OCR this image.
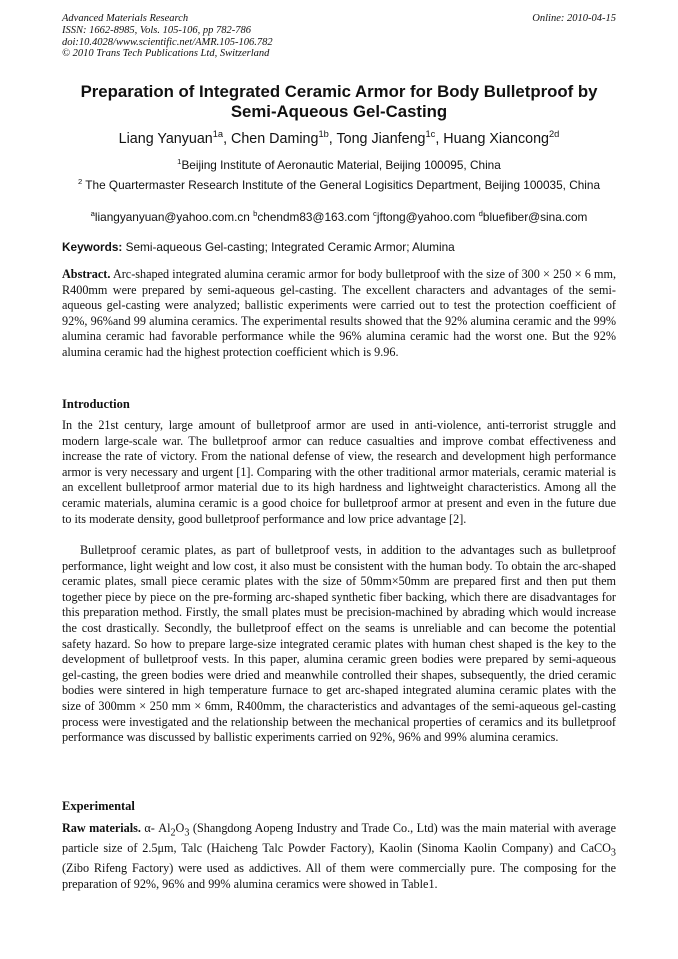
Advanced Materials Research
ISSN: 1662-8985, Vols. 105-106, pp 782-786
doi:10.4028/www.scientific.net/AMR.105-106.782
© 2010 Trans Tech Publications Ltd, Switzerland
Online: 2010-04-15
Preparation of Integrated Ceramic Armor for Body Bulletproof by Semi-Aqueous Gel-Casting
Liang Yanyuan$^{1a}$, Chen Daming$^{1b}$, Tong Jianfeng$^{1c}$, Huang Xiancong$^{2d}$
$^1$Beijing Institute of Aeronautic Material, Beijing 100095, China
$^2$ The Quartermaster Research Institute of the General Logisitics Department, Beijing 100035, China
$^a$liangyanyuan@yahoo.com.cn $^b$chendm83@163.com $^c$jftong@yahoo.com $^d$bluefiber@sina.com
Keywords: Semi-aqueous Gel-casting; Integrated Ceramic Armor; Alumina
Abstract. Arc-shaped integrated alumina ceramic armor for body bulletproof with the size of 300 × 250 × 6 mm, R400mm were prepared by semi-aqueous gel-casting. The excellent characters and advantages of the semi-aqueous gel-casting were analyzed; ballistic experiments were carried out to test the protection coefficient of 92%, 96%and 99 alumina ceramics. The experimental results showed that the 92% alumina ceramic and the 99% alumina ceramic had favorable performance while the 96% alumina ceramic had the worst one. But the 92% alumina ceramic had the highest protection coefficient which is 9.96.
Introduction
In the 21st century, large amount of bulletproof armor are used in anti-violence, anti-terrorist struggle and modern large-scale war. The bulletproof armor can reduce casualties and improve combat effectiveness and increase the rate of victory. From the national defense of view, the research and development high performance armor is very necessary and urgent [1]. Comparing with the other traditional armor materials, ceramic material is an excellent bulletproof armor material due to its high hardness and lightweight characteristics. Among all the ceramic materials, alumina ceramic is a good choice for bulletproof armor at present and even in the future due to its moderate density, good bulletproof performance and low price advantage [2].
Bulletproof ceramic plates, as part of bulletproof vests, in addition to the advantages such as bulletproof performance, light weight and low cost, it also must be consistent with the human body. To obtain the arc-shaped ceramic plates, small piece ceramic plates with the size of 50mm×50mm are prepared first and then put them together piece by piece on the pre-forming arc-shaped synthetic fiber backing, which there are disadvantages for this preparation method. Firstly, the small plates must be precision-machined by abrading which would increase the cost drastically. Secondly, the bulletproof effect on the seams is unreliable and can become the potential safety hazard. So how to prepare large-size integrated ceramic plates with human chest shaped is the key to the development of bulletproof vests. In this paper, alumina ceramic green bodies were prepared by semi-aqueous gel-casting, the green bodies were dried and meanwhile controlled their shapes, subsequently, the dried ceramic bodies were sintered in high temperature furnace to get arc-shaped integrated alumina ceramic plates with the size of 300mm × 250 mm × 6mm, R400mm, the characteristics and advantages of the semi-aqueous gel-casting process were investigated and the relationship between the mechanical properties of ceramics and its bulletproof performance was discussed by ballistic experiments carried on 92%, 96% and 99% alumina ceramics.
Experimental
Raw materials. α- $Al_2O_3$ (Shangdong Aopeng Industry and Trade Co., Ltd) was the main material with average particle size of 2.5μm, Talc (Haicheng Talc Powder Factory), Kaolin (Sinoma Kaolin Company) and CaCO$_3$ (Zibo Rifeng Factory) were used as addictives. All of them were commercially pure. The composing for the preparation of 92%, 96% and 99% alumina ceramics were showed in Table1.
